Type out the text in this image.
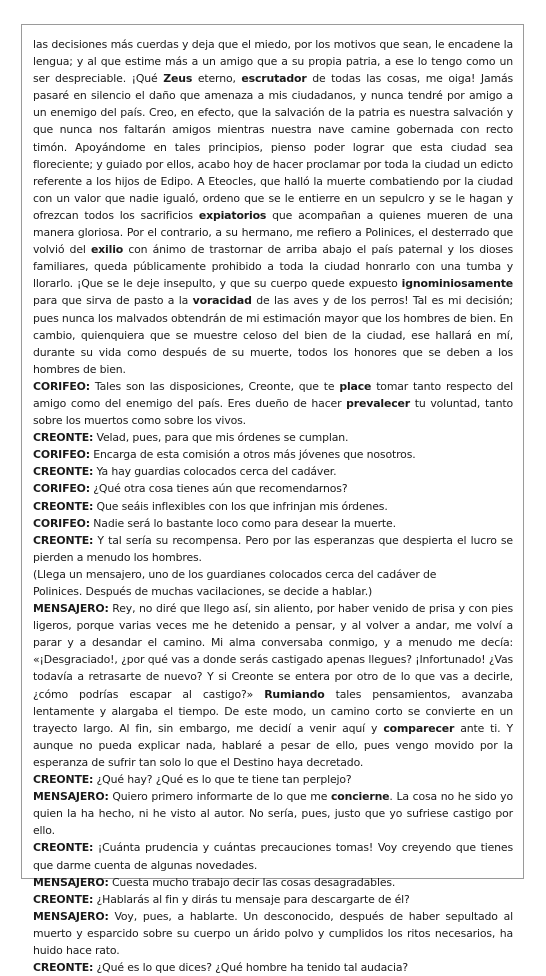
las decisiones más cuerdas y deja que el miedo, por los motivos que sean, le encadene la lengua; y al que estime más a un amigo que a su propia patria, a ese lo tengo como un ser despreciable. ¡Qué Zeus eterno, escrutador de todas las cosas, me oiga! Jamás pasaré en silencio el daño que amenaza a mis ciudadanos, y nunca tendré por amigo a un enemigo del país. Creo, en efecto, que la salvación de la patria es nuestra salvación y que nunca nos faltarán amigos mientras nuestra nave camine gobernada con recto timón. Apoyándome en tales principios, pienso poder lograr que esta ciudad sea floreciente; y guiado por ellos, acabo hoy de hacer proclamar por toda la ciudad un edicto referente a los hijos de Edipo. A Eteocles, que halló la muerte combatiendo por la ciudad con un valor que nadie igualó, ordeno que se le entierre en un sepulcro y se le hagan y ofrezcan todos los sacrificios expiatorios que acompañan a quienes mueren de una manera gloriosa. Por el contrario, a su hermano, me refiero a Polinices, el desterrado que volvió del exilio con ánimo de trastornar de arriba abajo el país paternal y los dioses familiares, queda públicamente prohibido a toda la ciudad honrarlo con una tumba y llorarlo. ¡Que se le deje insepulto, y que su cuerpo quede expuesto ignominiosamente para que sirva de pasto a la voracidad de las aves y de los perros! Tal es mi decisión; pues nunca los malvados obtendrán de mi estimación mayor que los hombres de bien. En cambio, quienquiera que se muestre celoso del bien de la ciudad, ese hallará en mí, durante su vida como después de su muerte, todos los honores que se deben a los hombres de bien.

CORIFEO: Tales son las disposiciones, Creonte, que te place tomar tanto respecto del amigo como del enemigo del país. Eres dueño de hacer prevalecer tu voluntad, tanto sobre los muertos como sobre los vivos.

CREONTE: Velad, pues, para que mis órdenes se cumplan.

CORIFEO: Encarga de esta comisión a otros más jóvenes que nosotros.

CREONTE: Ya hay guardias colocados cerca del cadáver.

CORIFEO: ¿Qué otra cosa tienes aún que recomendarnos?

CREONTE: Que seáis inflexibles con los que infrinjan mis órdenes.

CORIFEO: Nadie será lo bastante loco como para desear la muerte.

CREONTE: Y tal sería su recompensa. Pero por las esperanzas que despierta el lucro se pierden a menudo los hombres.

(Llega un mensajero, uno de los guardianes colocados cerca del cadáver de
Polinices. Después de muchas vacilaciones, se decide a hablar.)

MENSAJERO: Rey, no diré que llego así, sin aliento, por haber venido de prisa y con pies ligeros, porque varias veces me he detenido a pensar, y al volver a andar, me volví a parar y a desandar el camino. Mi alma conversaba conmigo, y a menudo me decía: «¡Desgraciado!, ¿por qué vas a donde serás castigado apenas llegues? ¡Infortunado! ¿Vas todavía a retrasarte de nuevo? Y si Creonte se entera por otro de lo que vas a decirle, ¿cómo podrías escapar al castigo?» Rumiando tales pensamientos, avanzaba lentamente y alargaba el tiempo. De este modo, un camino corto se convierte en un trayecto largo. Al fin, sin embargo, me decidí a venir aquí y comparecer ante ti. Y aunque no pueda explicar nada, hablaré a pesar de ello, pues vengo movido por la esperanza de sufrir tan solo lo que el Destino haya decretado.

CREONTE: ¿Qué hay? ¿Qué es lo que te tiene tan perplejo?

MENSAJERO: Quiero primero informarte de lo que me concierne. La cosa no he sido yo quien la ha hecho, ni he visto al autor. No sería, pues, justo que yo sufriese castigo por ello.

CREONTE: ¡Cuánta prudencia y cuántas precauciones tomas! Voy creyendo que tienes que darme cuenta de algunas novedades.

MENSAJERO: Cuesta mucho trabajo decir las cosas desagradables.

CREONTE: ¿Hablarás al fin y dirás tu mensaje para descargarte de él?

MENSAJERO: Voy, pues, a hablarte. Un desconocido, después de haber sepultado al muerto y esparcido sobre su cuerpo un árido polvo y cumplidos los ritos necesarios, ha huido hace rato.

CREONTE: ¿Qué es lo que dices? ¿Qué hombre ha tenido tal audacia?
